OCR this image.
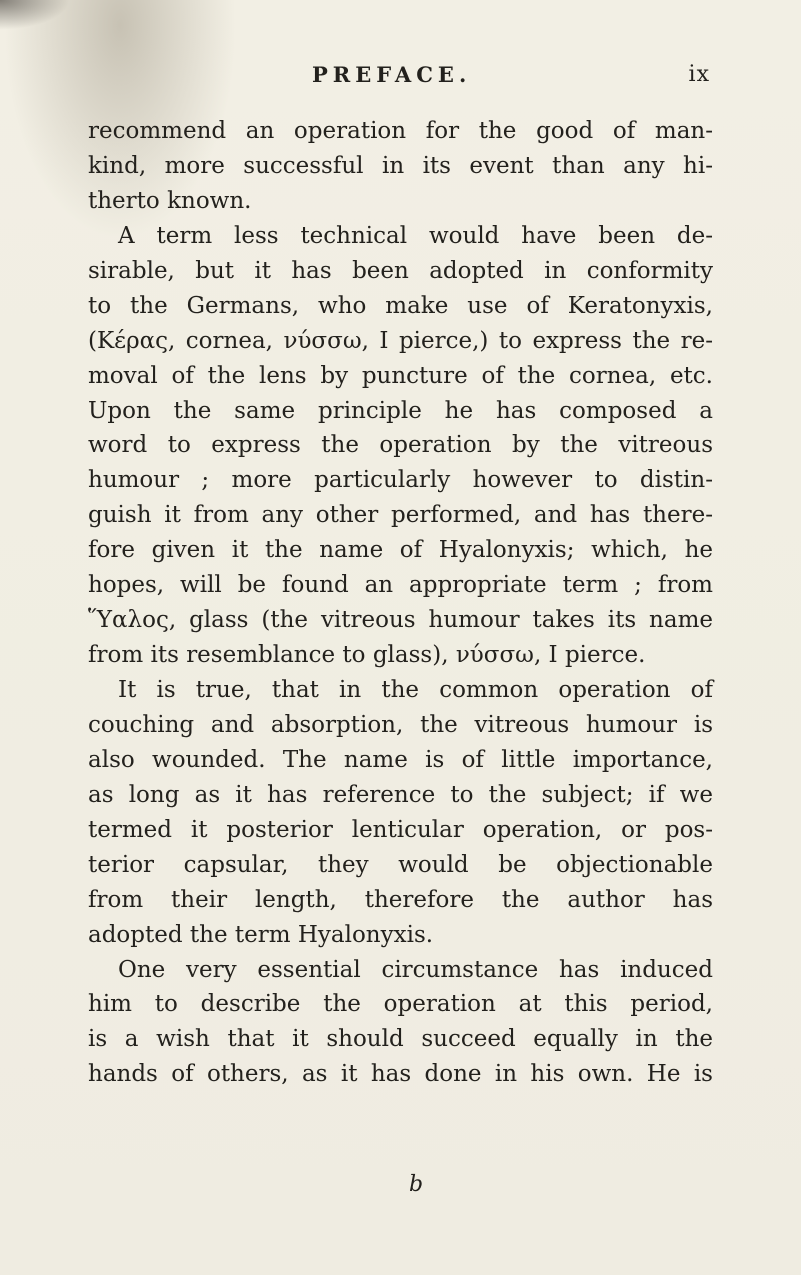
PREFACE.	ix
recommend an operation for the good of man-
kind, more successful in its event than any hi-
therto known.
A term less technical would have been de-
sirable, but it has been adopted in conformity
to the Germans, who make use of Keratonyxis,
(Κέρας, cornea, νύσσω, I pierce,) to express the re-
moval of the lens by puncture of the cornea, etc.
Upon the same principle he has composed a
word to express the operation by the vitreous
humour ; more particularly however to distin-
guish it from any other performed, and has there-
fore given it the name of Hyalonyxis; which, he
hopes, will be found an appropriate term ; from
Ὕαλος, glass (the vitreous humour takes its name
from its resemblance to glass), νύσσω, I pierce.
It is true, that in the common operation of
couching and absorption, the vitreous humour is
also wounded. The name is of little importance,
as long as it has reference to the subject; if we
termed it posterior lenticular operation, or pos-
terior capsular, they would be objectionable
from their length, therefore the author has
adopted the term Hyalonyxis.
One very essential circumstance has induced
him to describe the operation at this period,
is a wish that it should succeed equally in the
hands of others, as it has done in his own. He is
b
